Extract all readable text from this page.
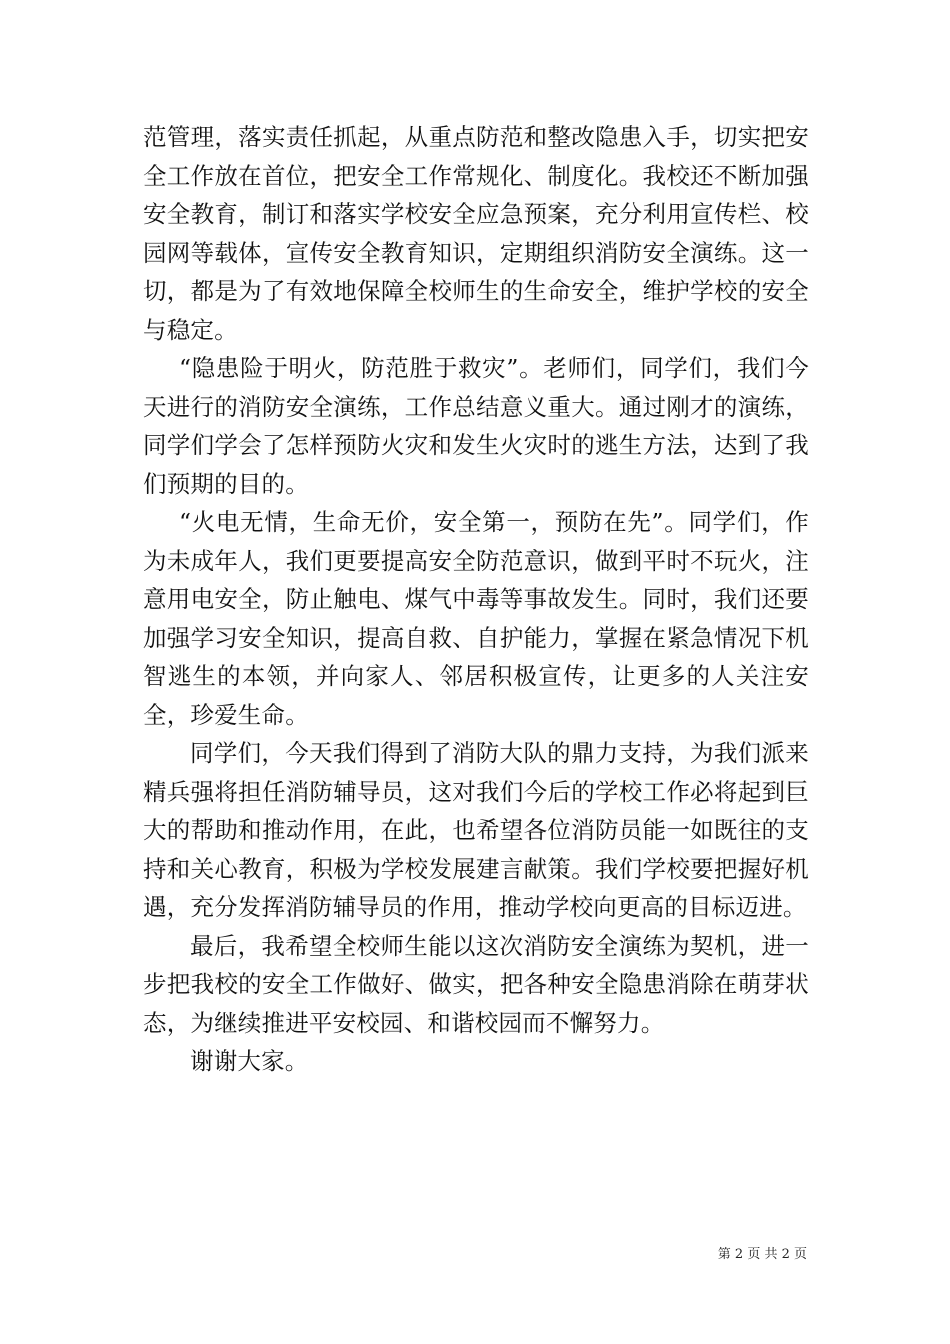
范管理，落实责任抓起，从重点防范和整改隐患入手，切实把安全工作放在首位，把安全工作常规化、制度化。我校还不断加强安全教育，制订和落实学校安全应急预案，充分利用宣传栏、校园网等载体，宣传安全教育知识，定期组织消防安全演练。这一切，都是为了有效地保障全校师生的生命安全，维护学校的安全与稳定。

“隐患险于明火，防范胜于救灾”。老师们，同学们，我们今天进行的消防安全演练，工作总结意义重大。通过刚才的演练，同学们学会了怎样预防火灾和发生火灾时的逃生方法，达到了我们预期的目的。

“火电无情，生命无价，安全第一，预防在先”。同学们，作为未成年人，我们更要提高安全防范意识，做到平时不玩火，注意用电安全，防止触电、煤气中毒等事故发生。同时，我们还要加强学习安全知识，提高自救、自护能力，掌握在紧急情况下机智逃生的本领，并向家人、邻居积极宣传，让更多的人关注安全，珍爱生命。

同学们，今天我们得到了消防大队的鼎力支持，为我们派来精兵强将担任消防辅导员，这对我们今后的学校工作必将起到巨大的帮助和推动作用，在此，也希望各位消防员能一如既往的支持和关心教育，积极为学校发展建言献策。我们学校要把握好机遇，充分发挥消防辅导员的作用，推动学校向更高的目标迈进。

最后，我希望全校师生能以这次消防安全演练为契机，进一步把我校的安全工作做好、做实，把各种安全隐患消除在萌芽状态，为继续推进平安校园、和谐校园而不懈努力。

谢谢大家。

第 2 页 共 2 页
